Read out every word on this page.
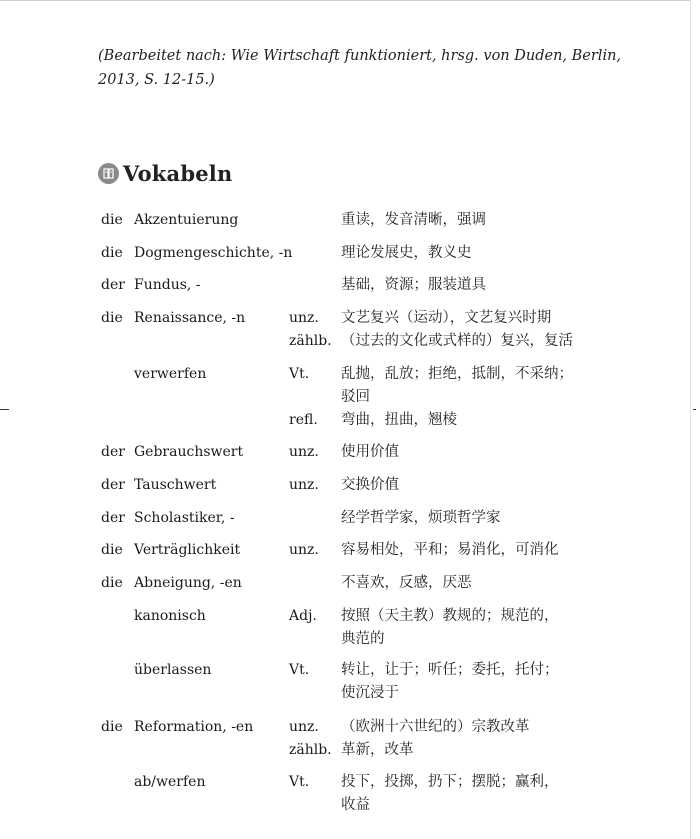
(Bearbeitet nach: Wie Wirtschaft funktioniert, hrsg. von Duden, Berlin, 2013, S. 12-15.)
Vokabeln
die Akzentuierung	重读，发音清晰，强调
die Dogmengeschichte, -n	理论发展史，教义史
der Fundus, -	基础，资源；服装道具
die Renaissance, -n	unz. 文艺复兴（运动），文艺复兴时期
zählb. （过去的文化或式样的）复兴，复活
verwerfen	Vt. 乱抛，乱放；拒绝，抵制，不采纳；
驳回
refl. 弯曲，扭曲，翘棱
der Gebrauchswert	unz. 使用价值
der Tauschwert	unz. 交换价值
der Scholastiker, -	经学哲学家，烦琐哲学家
die Verträglichkeit	unz. 容易相处，平和；易消化，可消化
die Abneigung, -en	不喜欢，反感，厌恶
kanonisch	Adj. 按照（天主教）教规的；规范的，
典范的
überlassen	Vt. 转让，让于；听任；委托，托付；
使沉浸于
die Reformation, -en	unz. （欧洲十六世纪的）宗教改革
zählb. 革新，改革
ab/werfen	Vt. 投下，投掷，扔下；摆脱；赢利，
收益
